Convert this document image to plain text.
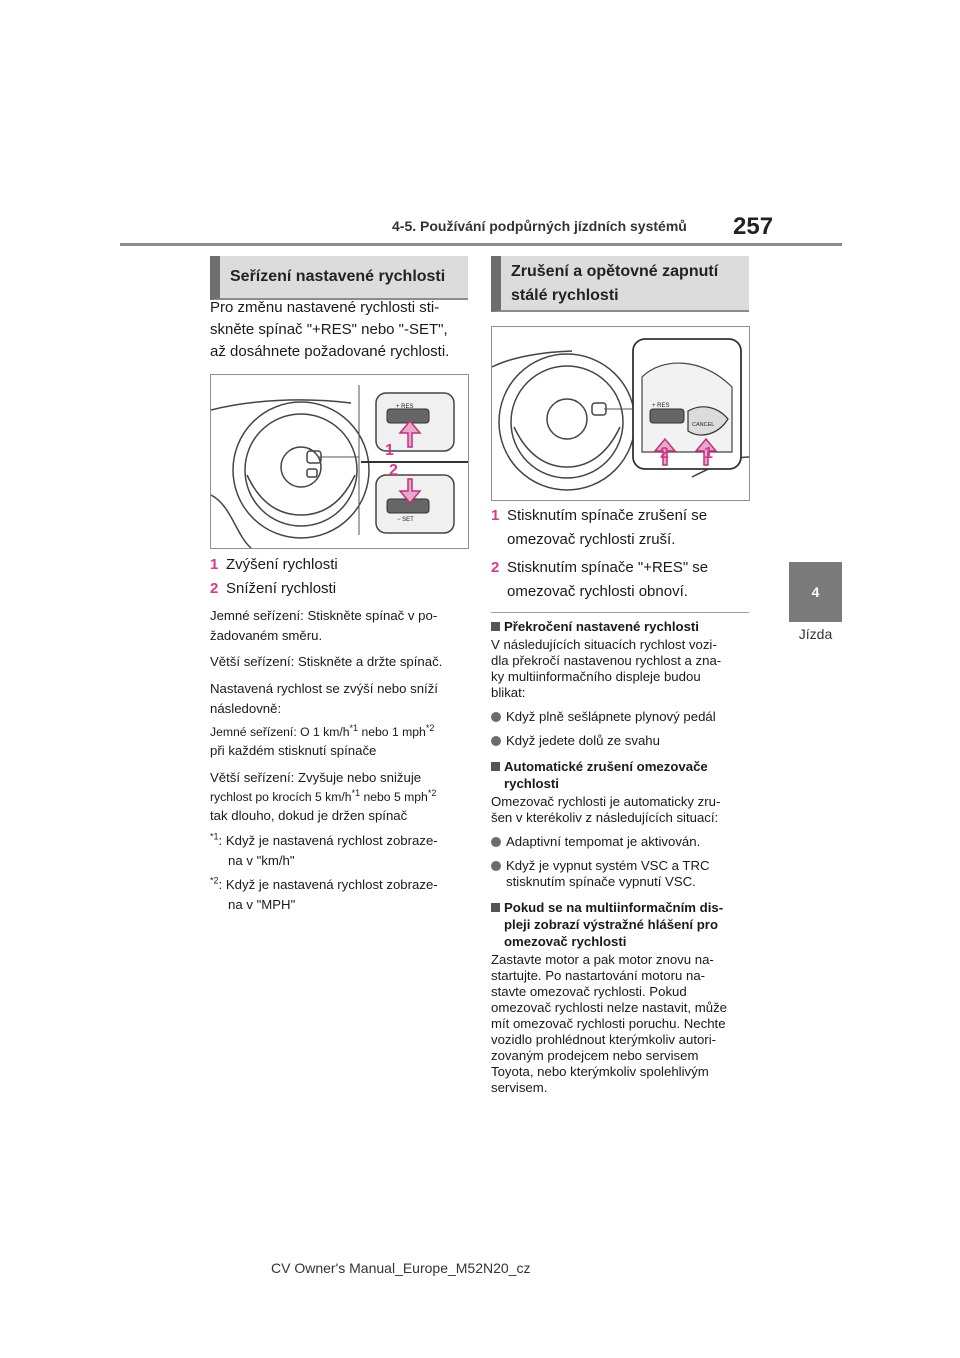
4-5. Používání podpůrných jízdních systémů 257
4
Jízda
Seřízení nastavené rychlosti
Pro změnu nastavené rychlosti sti-
skněte spínač "+RES" nebo "-SET",
až dosáhnete požadované rychlosti.
+ RES
− SET
1
2
1 Zvýšení rychlosti
2 Snížení rychlosti
Jemné seřízení: Stiskněte spínač v po-
žadovaném směru.
Větší seřízení: Stiskněte a držte spínač.
Nastavená rychlost se zvýší nebo sníží
následovně:
Jemné seřízení: O 1 $km/h^{*1}$ nebo 1 mph$^{*2}$
při každém stisknutí spínače
Větší seřízení: Zvyšuje nebo snižuje
rychlost po krocích 5 $km/h^{*1}$ nebo 5 mph$^{*2}$
tak dlouho, dokud je držen spínač
$^{*1}$: Když je nastavená rychlost zobraze-
na v "km/h"
$^{*2}$: Když je nastavená rychlost zobraze-
na v "MPH"
Zrušení a opětovné zapnutí
stálé rychlosti
+ RES
CANCEL
2 1
1 Stisknutím spínače zrušení se
omezovač rychlosti zruší.
2 Stisknutím spínače "+RES" se
omezovač rychlosti obnoví.
Překročení nastavené rychlosti
V následujících situacích rychlost vozi-
dla překročí nastavenou rychlost a zna-
ky multiinformačního displeje budou
blikat:
Když plně sešlápnete plynový pedál
Když jedete dolů ze svahu
Automatické zrušení omezovače
rychlosti
Omezovač rychlosti je automaticky zru-
šen v kterékoliv z následujících situací:
Adaptivní tempomat je aktivován.
Když je vypnut systém VSC a TRC
stisknutím spínače vypnutí VSC.
Pokud se na multiinformačním dis-
pleji zobrazí výstražné hlášení pro
omezovač rychlosti
Zastavte motor a pak motor znovu na-
startujte. Po nastartování motoru na-
stavte omezovač rychlosti. Pokud
omezovač rychlosti nelze nastavit, může
mít omezovač rychlosti poruchu. Nechte
vozidlo prohlédnout kterýmkoliv autori-
zovaným prodejcem nebo servisem
Toyota, nebo kterýmkoliv spolehlivým
servisem.
CV Owner's Manual_Europe_M52N20_cz
